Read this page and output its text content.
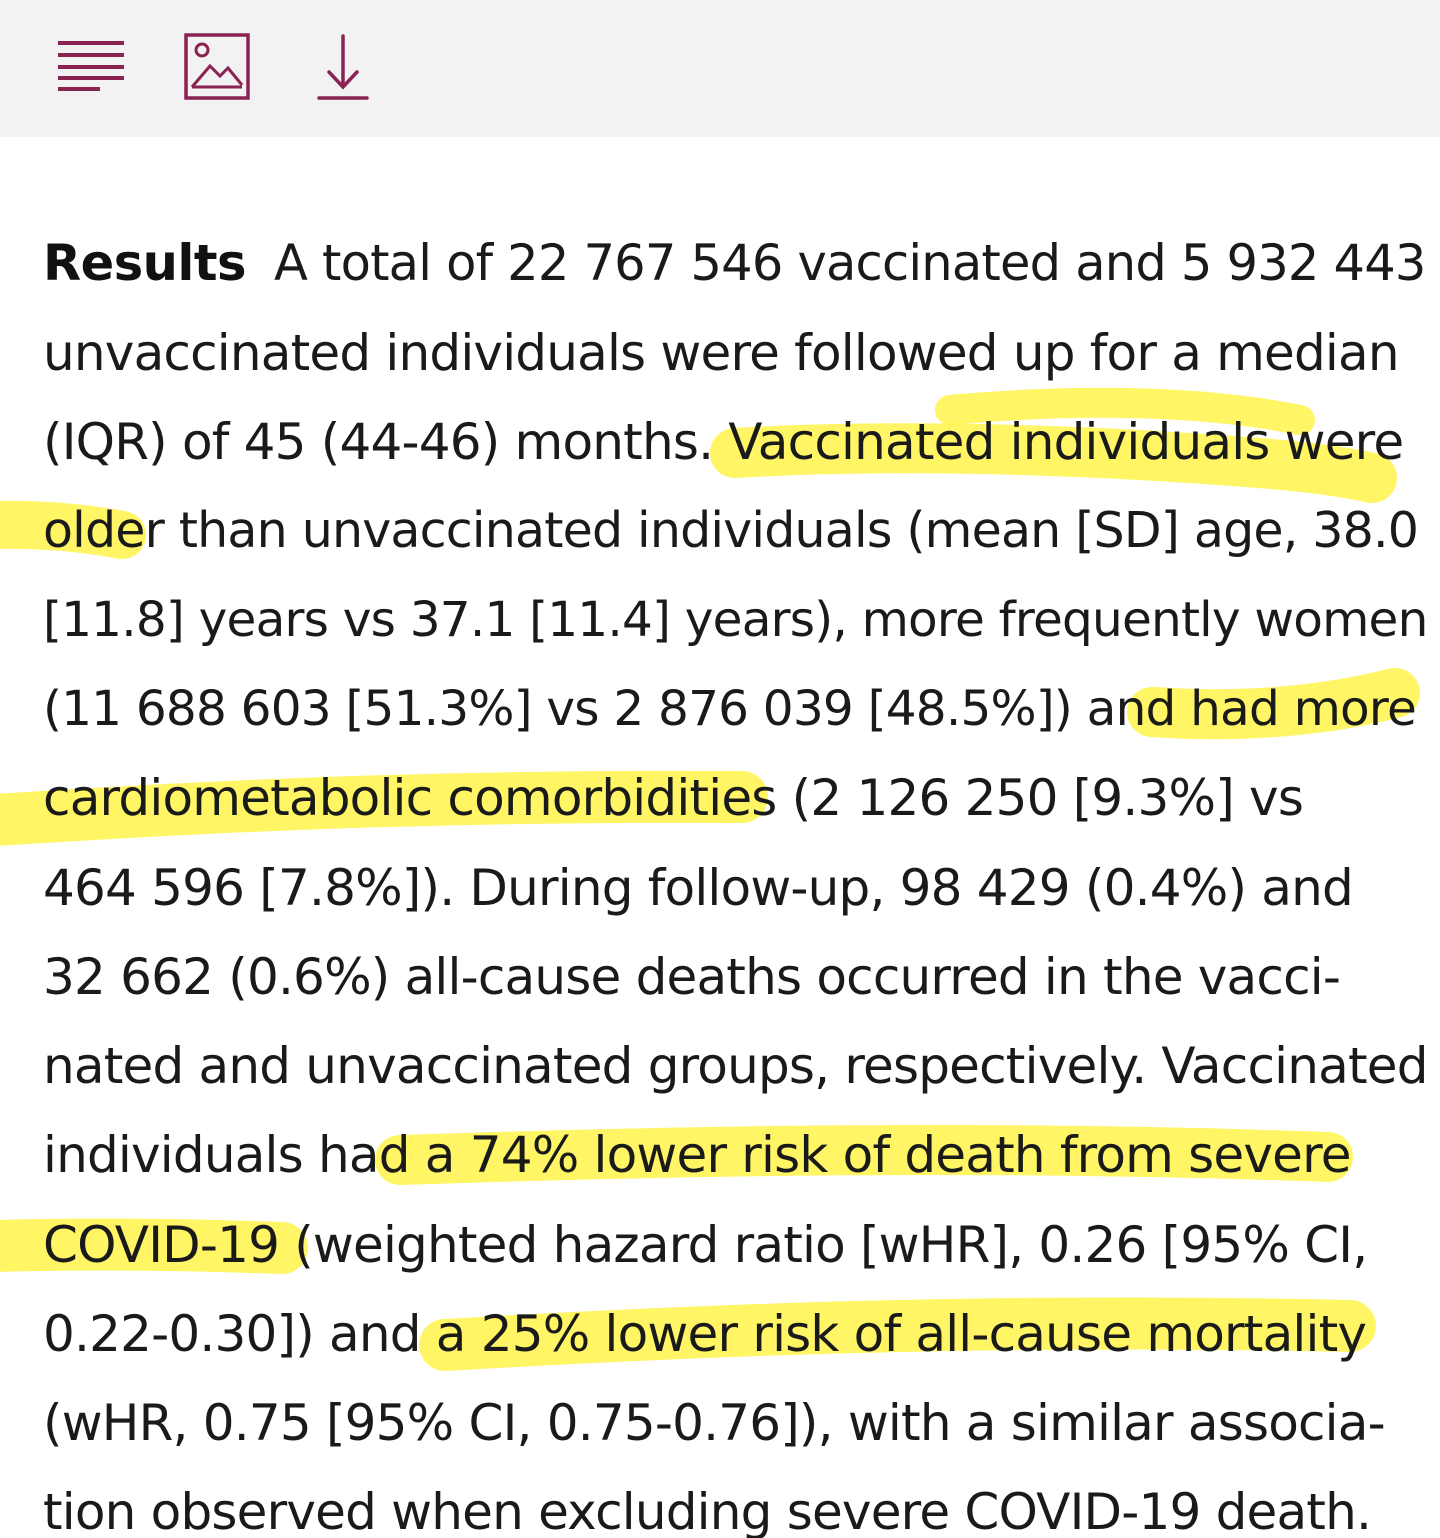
Results A total of 22 767 546 vaccinated and 5 932 443
unvaccinated individuals were followed up for a median
(IQR) of 45 (44-46) months. Vaccinated individuals were
older than unvaccinated individuals (mean [SD] age, 38.0
[11.8] years vs 37.1 [11.4] years), more frequently women
(11 688 603 [51.3%] vs 2 876 039 [48.5%]) and had more
cardiometabolic comorbidities (2 126 250 [9.3%] vs
464 596 [7.8%]). During follow-up, 98 429 (0.4%) and
32 662 (0.6%) all-cause deaths occurred in the vacci-
nated and unvaccinated groups, respectively. Vaccinated
individuals had a 74% lower risk of death from severe
COVID-19 (weighted hazard ratio [wHR], 0.26 [95% CI,
0.22-0.30]) and a 25% lower risk of all-cause mortality
(wHR, 0.75 [95% CI, 0.75-0.76]), with a similar associa-
tion observed when excluding severe COVID-19 death.
